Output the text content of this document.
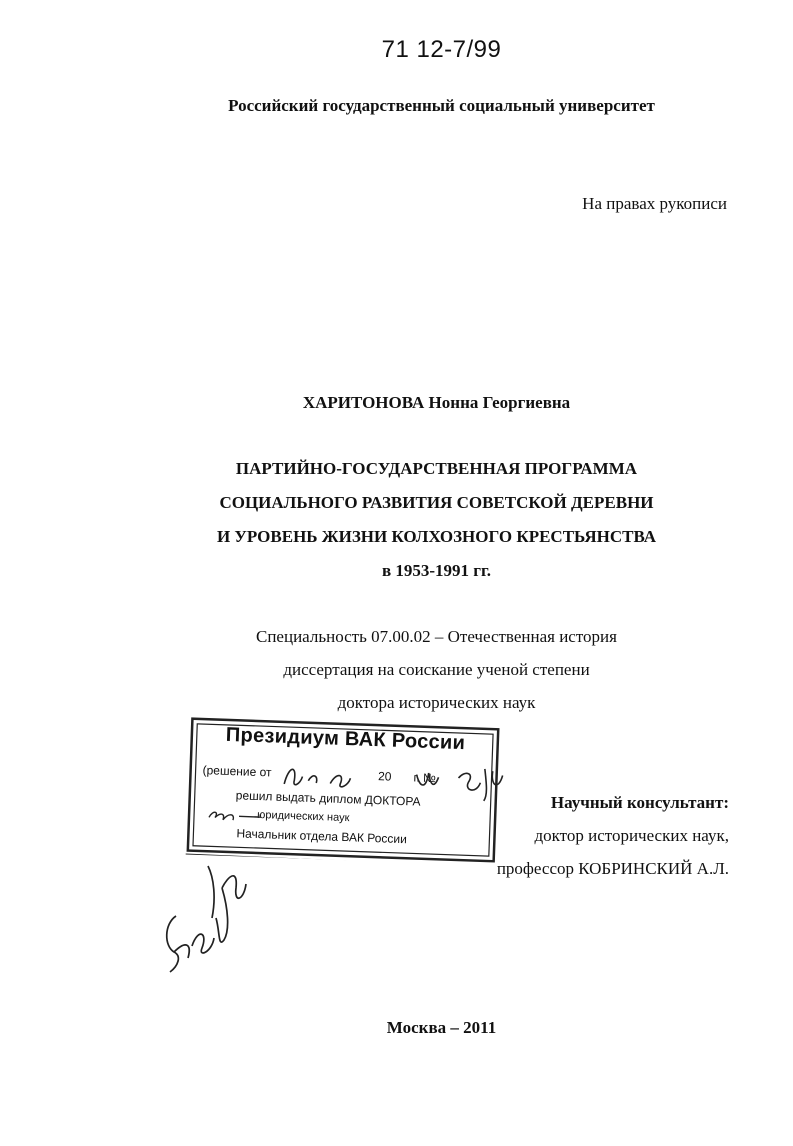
71 12-7/99
Российский государственный социальный университет
На правах рукописи
ХАРИТОНОВА Нонна Георгиевна
ПАРТИЙНО-ГОСУДАРСТВЕННАЯ ПРОГРАММА
СОЦИАЛЬНОГО РАЗВИТИЯ СОВЕТСКОЙ ДЕРЕВНИ
И УРОВЕНЬ ЖИЗНИ КОЛХОЗНОГО КРЕСТЬЯНСТВА
в 1953-1991 гг.
Специальность 07.00.02 – Отечественная история
диссертация на соискание ученой степени
доктора исторических наук
Президиум ВАК России
(решение от	20 г. №
решил выдать диплом ДОКТОРА
юридических наук
Начальник отдела ВАК России
Научный консультант:
доктор исторических наук,
профессор КОБРИНСКИЙ А.Л.
Москва – 2011
